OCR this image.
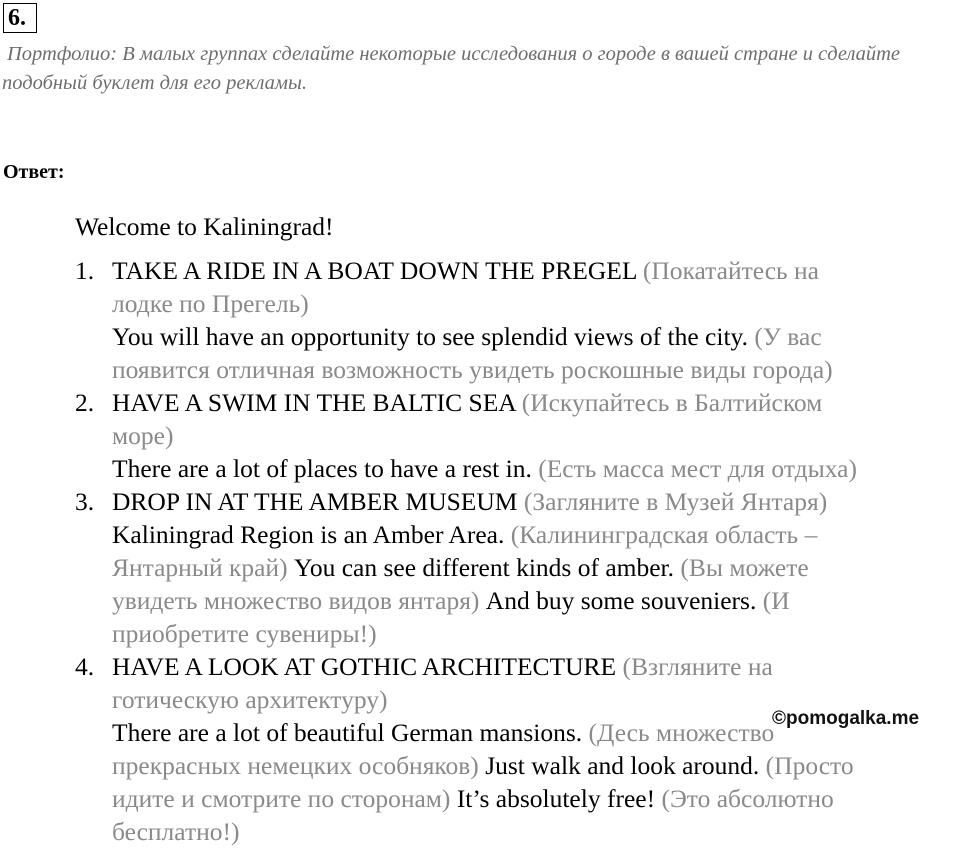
6.

Портфолио: В малых группах сделайте некоторые исследования о городе в вашей стране и сделайте подобный буклет для его рекламы.

Ответ:

Welcome to Kaliningrad!
1. TAKE A RIDE IN A BOAT DOWN THE PREGEL (Покатайтесь на
лодке по Прегель)
You will have an opportunity to see splendid views of the city. (У вас
появится отличная возможность увидеть роскошные виды города)
2. HAVE A SWIM IN THE BALTIC SEA (Искупайтесь в Балтийском
море)
There are a lot of places to have a rest in. (Есть масса мест для отдыха)
3. DROP IN AT THE AMBER MUSEUM (Загляните в Музей Янтаря)
Kaliningrad Region is an Amber Area. (Калининградская область –
Янтарный край) You can see different kinds of amber. (Вы можете
увидеть множество видов янтаря) And buy some souveniers. (И
приобретите сувениры!)
4. HAVE A LOOK AT GOTHIC ARCHITECTURE (Взгляните на
готическую архитектуру)
There are a lot of beautiful German mansions. (Десь множество
прекрасных немецких особняков) Just walk and look around. (Просто
идите и смотрите по сторонам) It’s absolutely free! (Это абсолютно
бесплатно!)
©pomogalka.me
